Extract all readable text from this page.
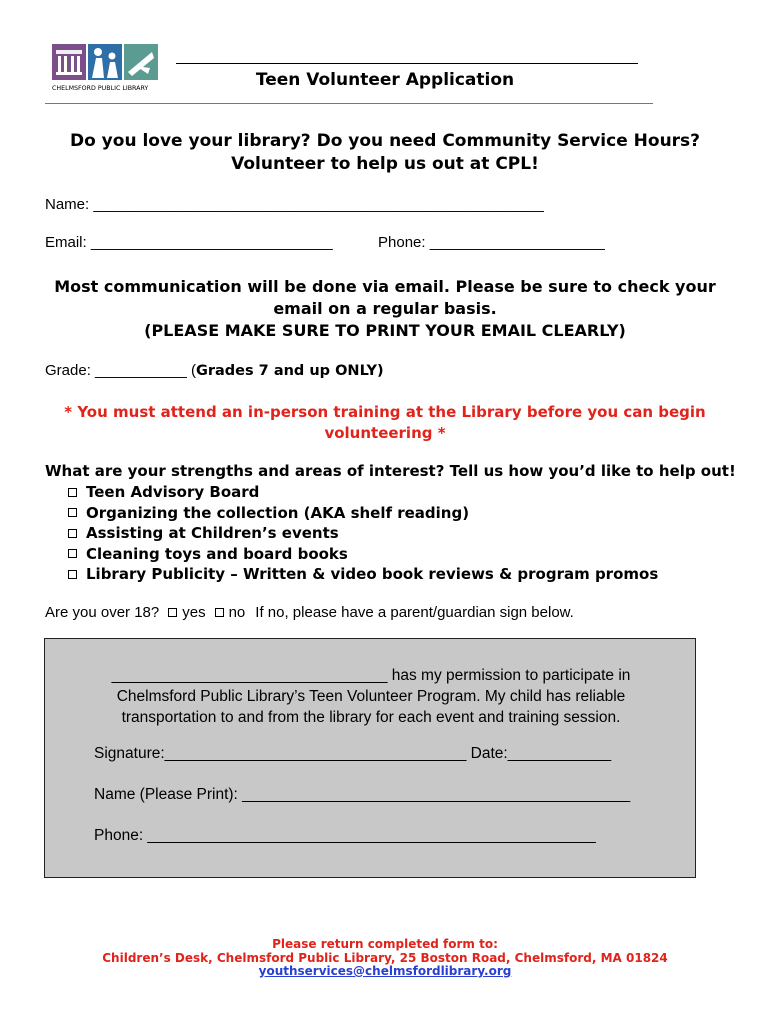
CHELMSFORD PUBLIC LIBRARY	Teen Volunteer Application
Do you love your library? Do you need Community Service Hours? Volunteer to help us out at CPL!
Name: ______________________________________________________
Email: _____________________________	Phone: _____________________
Most communication will be done via email. Please be sure to check your
email on a regular basis.
(PLEASE MAKE SURE TO PRINT YOUR EMAIL CLEARLY)
Grade: ___________ (Grades 7 and up ONLY)
* You must attend an in-person training at the Library before you can begin
volunteering *
What are your strengths and areas of interest? Tell us how you’d like to help out!
Teen Advisory Board
Organizing the collection (AKA shelf reading)
Assisting at Children’s events
Cleaning toys and board books
Library Publicity – Written & video book reviews & program promos
Are you over 18? yes no If no, please have a parent/guardian sign below.
________________________________ has my permission to participate in
Chelmsford Public Library’s Teen Volunteer Program. My child has reliable
transportation to and from the library for each event and training session.
Signature:___________________________________ Date:____________
Name (Please Print): _____________________________________________
Phone: ____________________________________________________
Please return completed form to:
Children’s Desk, Chelmsford Public Library, 25 Boston Road, Chelmsford, MA 01824
youthservices@chelmsfordlibrary.org
